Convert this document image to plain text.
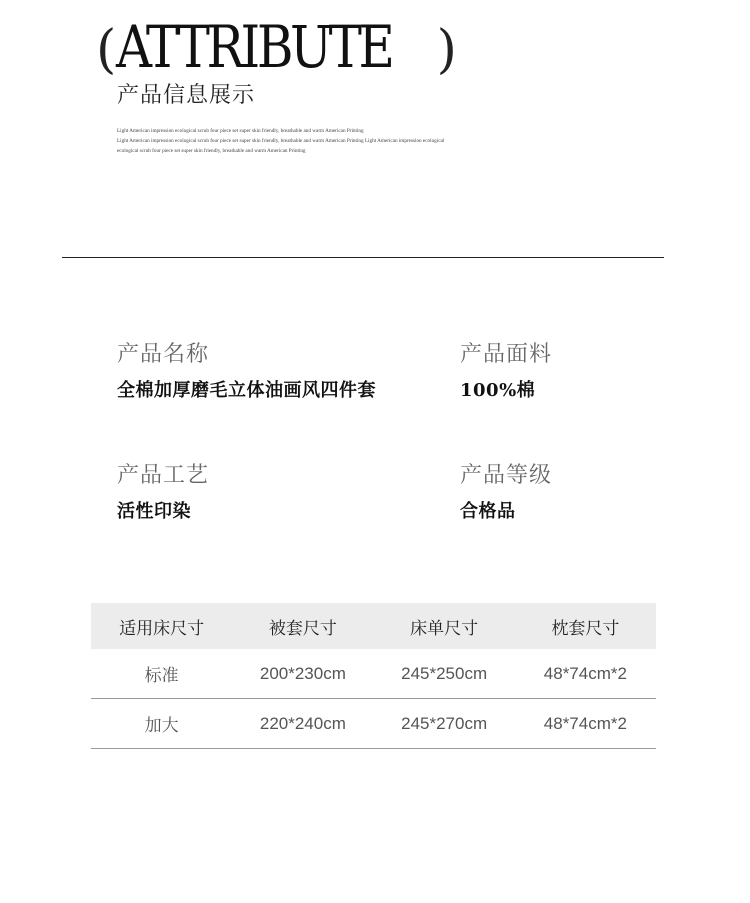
(ATTRIBUTE )
产品信息展示
Light American impression ecological scrub four piece set super skin friendly, breathable and warm American Printing
Light American impression ecological scrub four piece set super skin friendly, breathable and warm American Printing Light American impression ecological
ecological scrub four piece set super skin friendly, breathable and warm American Printing
产品名称
全棉加厚磨毛立体油画风四件套
产品面料
100%棉
产品工艺
活性印染
产品等级
合格品
适用床尺寸	被套尺寸	床单尺寸	枕套尺寸
标准	200*230cm	245*250cm	48*74cm*2
加大	220*240cm	245*270cm	48*74cm*2
